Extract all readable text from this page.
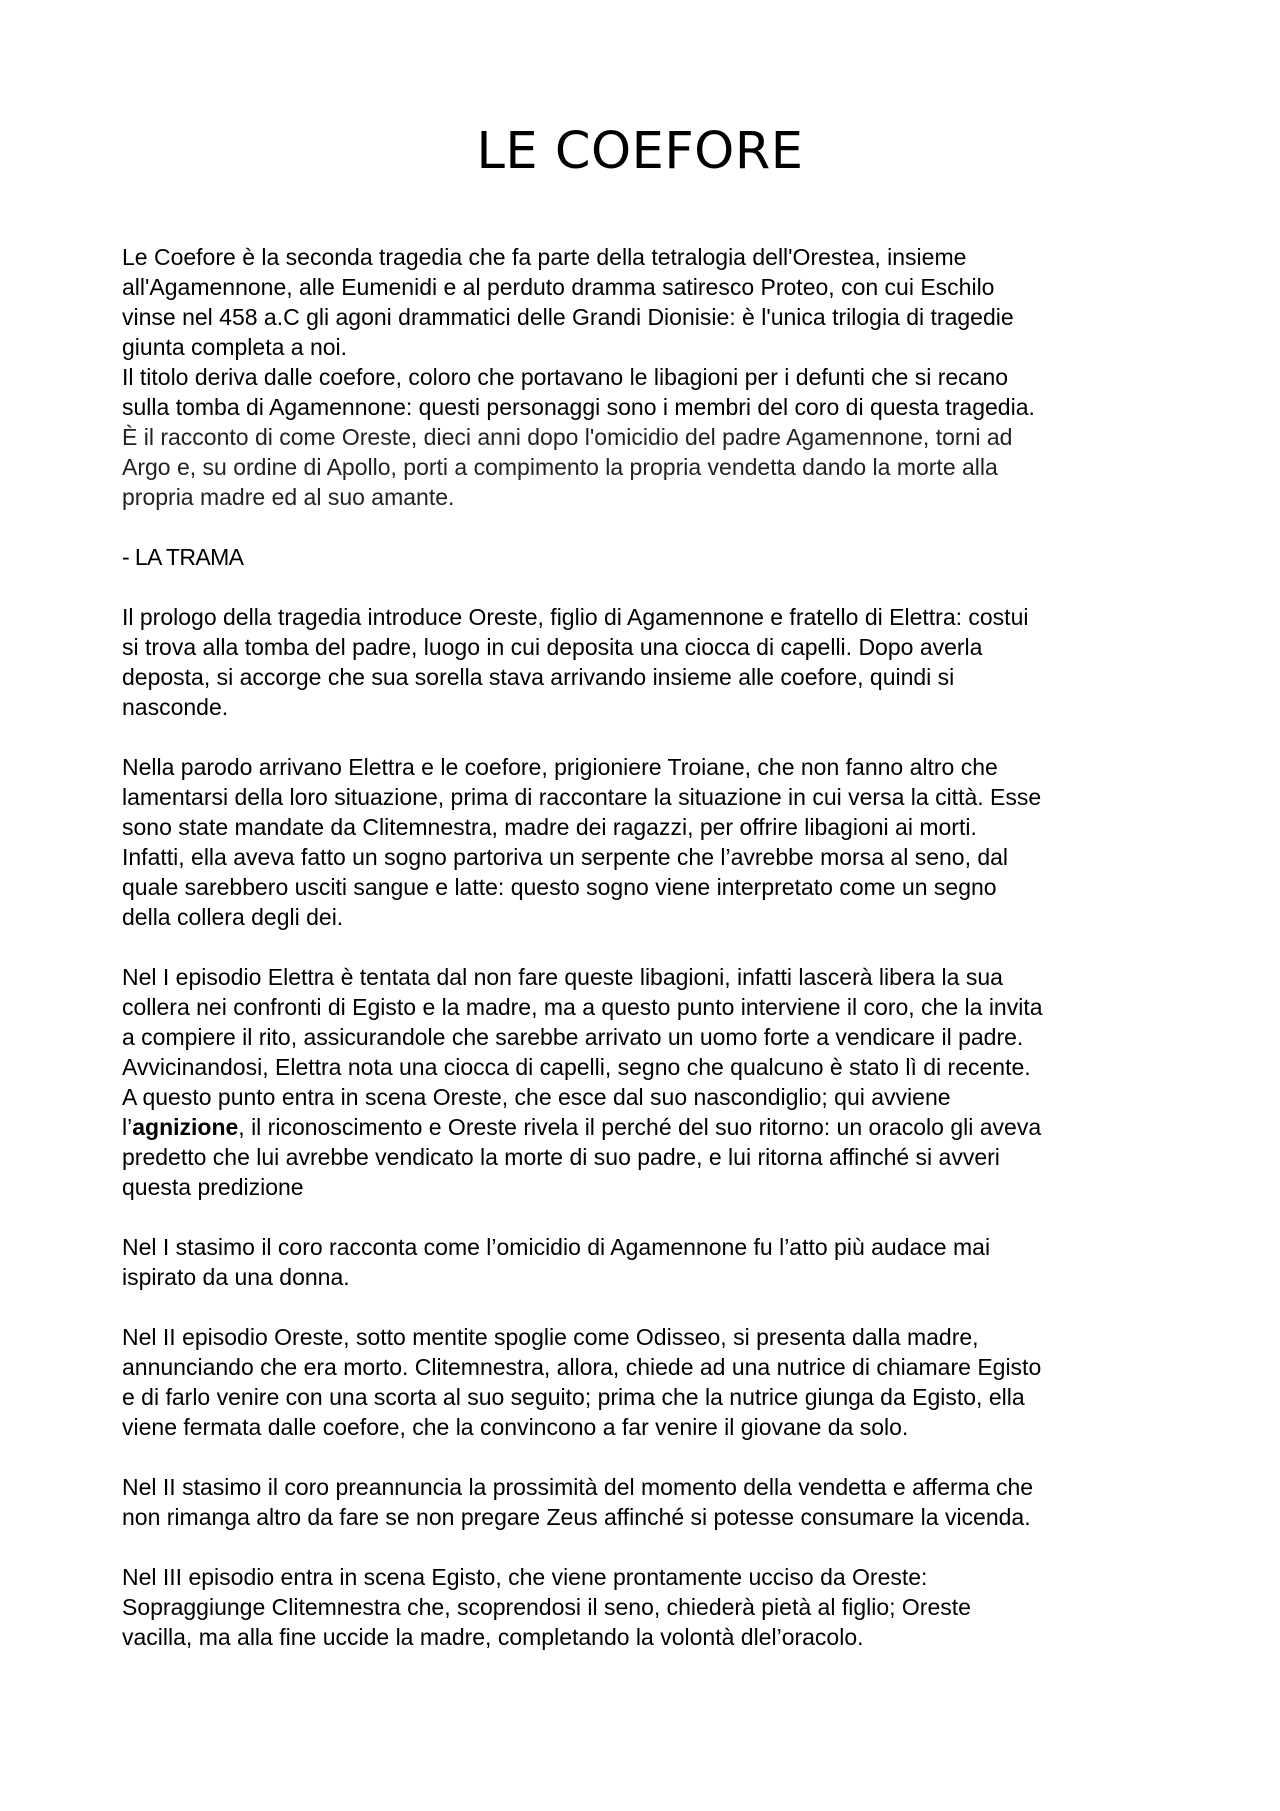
LE COEFORE

Le Coefore è la seconda tragedia che fa parte della tetralogia dell'Orestea, insieme
all'Agamennone, alle Eumenidi e al perduto dramma satiresco Proteo, con cui Eschilo
vinse nel 458 a.C gli agoni drammatici delle Grandi Dionisie: è l'unica trilogia di tragedie
giunta completa a noi.

Il titolo deriva dalle coefore, coloro che portavano le libagioni per i defunti che si recano
sulla tomba di Agamennone: questi personaggi sono i membri del coro di questa tragedia.

È il racconto di come Oreste, dieci anni dopo l'omicidio del padre Agamennone, torni ad
Argo e, su ordine di Apollo, porti a compimento la propria vendetta dando la morte alla
propria madre ed al suo amante.

- LA TRAMA

Il prologo della tragedia introduce Oreste, figlio di Agamennone e fratello di Elettra: costui
si trova alla tomba del padre, luogo in cui deposita una ciocca di capelli. Dopo averla
deposta, si accorge che sua sorella stava arrivando insieme alle coefore, quindi si
nasconde.

Nella parodo arrivano Elettra e le coefore, prigioniere Troiane, che non fanno altro che
lamentarsi della loro situazione, prima di raccontare la situazione in cui versa la città. Esse
sono state mandate da Clitemnestra, madre dei ragazzi, per offrire libagioni ai morti.
Infatti, ella aveva fatto un sogno partoriva un serpente che l’avrebbe morsa al seno, dal
quale sarebbero usciti sangue e latte: questo sogno viene interpretato come un segno
della collera degli dei.

Nel I episodio Elettra è tentata dal non fare queste libagioni, infatti lascerà libera la sua
collera nei confronti di Egisto e la madre, ma a questo punto interviene il coro, che la invita
a compiere il rito, assicurandole che sarebbe arrivato un uomo forte a vendicare il padre.
Avvicinandosi, Elettra nota una ciocca di capelli, segno che qualcuno è stato lì di recente.
A questo punto entra in scena Oreste, che esce dal suo nascondiglio; qui avviene
l’agnizione, il riconoscimento e Oreste rivela il perché del suo ritorno: un oracolo gli aveva
predetto che lui avrebbe vendicato la morte di suo padre, e lui ritorna affinché si avveri
questa predizione

Nel I stasimo il coro racconta come l’omicidio di Agamennone fu l’atto più audace mai
ispirato da una donna.

Nel II episodio Oreste, sotto mentite spoglie come Odisseo, si presenta dalla madre,
annunciando che era morto. Clitemnestra, allora, chiede ad una nutrice di chiamare Egisto
e di farlo venire con una scorta al suo seguito; prima che la nutrice giunga da Egisto, ella
viene fermata dalle coefore, che la convincono a far venire il giovane da solo.

Nel II stasimo il coro preannuncia la prossimità del momento della vendetta e afferma che
non rimanga altro da fare se non pregare Zeus affinché si potesse consumare la vicenda.

Nel III episodio entra in scena Egisto, che viene prontamente ucciso da Oreste:
Sopraggiunge Clitemnestra che, scoprendosi il seno, chiederà pietà al figlio; Oreste
vacilla, ma alla fine uccide la madre, completando la volontà dlel’oracolo.
